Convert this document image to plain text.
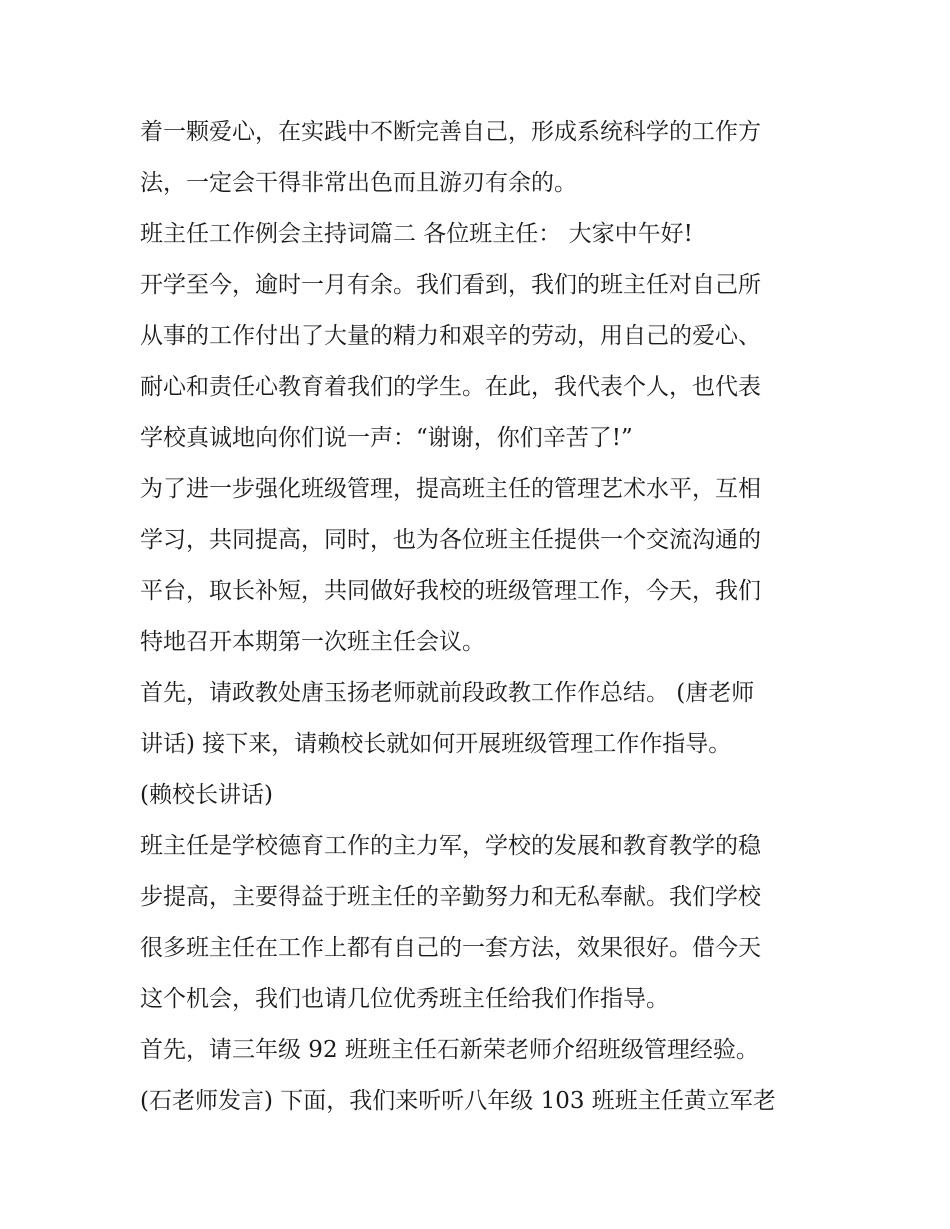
着一颗爱心，在实践中不断完善自己，形成系统科学的工作方
法，一定会干得非常出色而且游刃有余的。
班主任工作例会主持词篇二 各位班主任： 大家中午好!
开学至今，逾时一月有余。我们看到，我们的班主任对自己所
从事的工作付出了大量的精力和艰辛的劳动，用自己的爱心、
耐心和责任心教育着我们的学生。在此，我代表个人，也代表
学校真诚地向你们说一声：“谢谢，你们辛苦了!”
为了进一步强化班级管理，提高班主任的管理艺术水平，互相
学习，共同提高，同时，也为各位班主任提供一个交流沟通的
平台，取长补短，共同做好我校的班级管理工作，今天，我们
特地召开本期第一次班主任会议。
首先，请政教处唐玉扬老师就前段政教工作作总结。 (唐老师
讲话) 接下来，请赖校长就如何开展班级管理工作作指导。
(赖校长讲话)
班主任是学校德育工作的主力军，学校的发展和教育教学的稳
步提高，主要得益于班主任的辛勤努力和无私奉献。我们学校
很多班主任在工作上都有自己的一套方法，效果很好。借今天
这个机会，我们也请几位优秀班主任给我们作指导。
首先，请三年级 92 班班主任石新荣老师介绍班级管理经验。
(石老师发言) 下面，我们来听听八年级 103 班班主任黄立军老
